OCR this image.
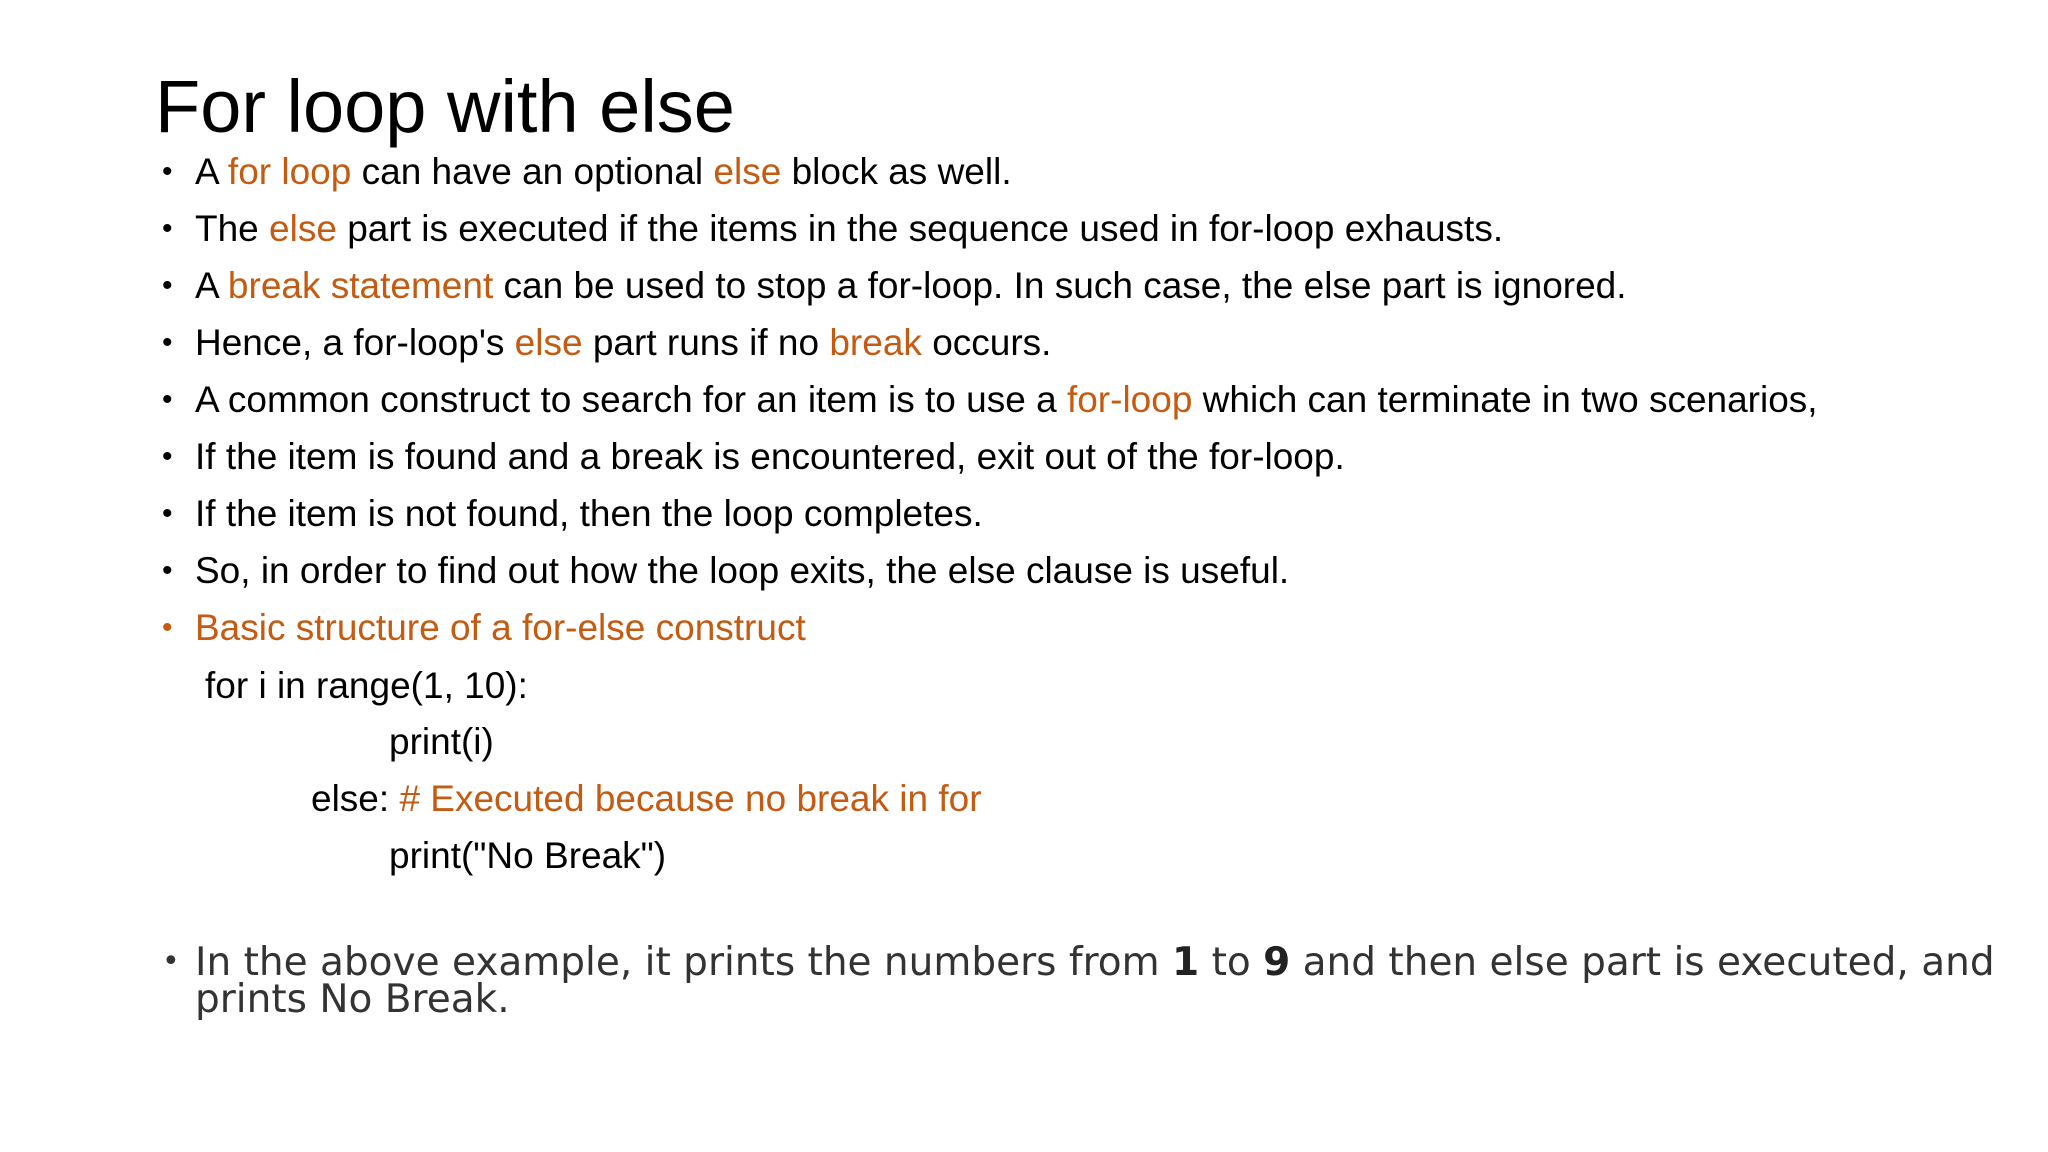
For loop with else
• A for loop can have an optional else block as well.
• The else part is executed if the items in the sequence used in for-loop exhausts.
• A break statement can be used to stop a for-loop. In such case, the else part is ignored.
• Hence, a for-loop's else part runs if no break occurs.
• A common construct to search for an item is to use a for-loop which can terminate in two scenarios,
• If the item is found and a break is encountered, exit out of the for-loop.
• If the item is not found, then the loop completes.
• So, in order to find out how the loop exits, the else clause is useful.
• Basic structure of a for-else construct
for i in range(1, 10):
print(i)
else: # Executed because no break in for
print("No Break")
• In the above example, it prints the numbers from 1 to 9 and then else part is executed, and prints No Break.
